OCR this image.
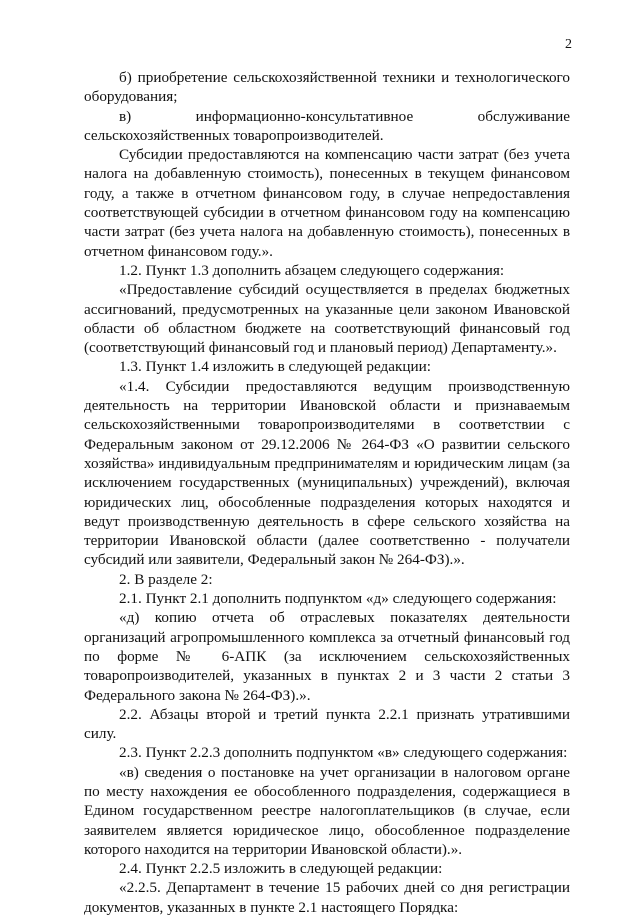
2

б) приобретение сельскохозяйственной техники и технологического оборудования;

в) информационно-консультативное обслуживание сельскохозяйственных товаропроизводителей.

Субсидии предоставляются на компенсацию части затрат (без учета налога на добавленную стоимость), понесенных в текущем финансовом году, а также в отчетном финансовом году, в случае непредоставления соответствующей субсидии в отчетном финансовом году на компенсацию части затрат (без учета налога на добавленную стоимость), понесенных в отчетном финансовом году.».

1.2. Пункт 1.3 дополнить абзацем следующего содержания:

«Предоставление субсидий осуществляется в пределах бюджетных ассигнований, предусмотренных на указанные цели законом Ивановской области об областном бюджете на соответствующий финансовый год (соответствующий финансовый год и плановый период) Департаменту.».

1.3. Пункт 1.4 изложить в следующей редакции:

«1.4. Субсидии предоставляются ведущим производственную деятельность на территории Ивановской области и признаваемым сельскохозяйственными товаропроизводителями в соответствии с Федеральным законом от 29.12.2006 № 264-ФЗ «О развитии сельского хозяйства» индивидуальным предпринимателям и юридическим лицам (за исключением государственных (муниципальных) учреждений), включая юридических лиц, обособленные подразделения которых находятся и ведут производственную деятельность в сфере сельского хозяйства на территории Ивановской области (далее соответственно - получатели субсидий или заявители, Федеральный закон № 264-ФЗ).».

2. В разделе 2:

2.1. Пункт 2.1 дополнить подпунктом «д» следующего содержания:

«д) копию отчета об отраслевых показателях деятельности организаций агропромышленного комплекса за отчетный финансовый год по форме № 6-АПК (за исключением сельскохозяйственных товаропроизводителей, указанных в пунктах 2 и 3 части 2 статьи 3 Федерального закона № 264-ФЗ).».

2.2. Абзацы второй и третий пункта 2.2.1 признать утратившими силу.

2.3. Пункт 2.2.3 дополнить подпунктом «в» следующего содержания:

«в) сведения о постановке на учет организации в налоговом органе по месту нахождения ее обособленного подразделения, содержащиеся в Едином государственном реестре налогоплательщиков (в случае, если заявителем является юридическое лицо, обособленное подразделение которого находится на территории Ивановской области).».

2.4. Пункт 2.2.5 изложить в следующей редакции:

«2.2.5. Департамент в течение 15 рабочих дней со дня регистрации документов, указанных в пункте 2.1 настоящего Порядка:
